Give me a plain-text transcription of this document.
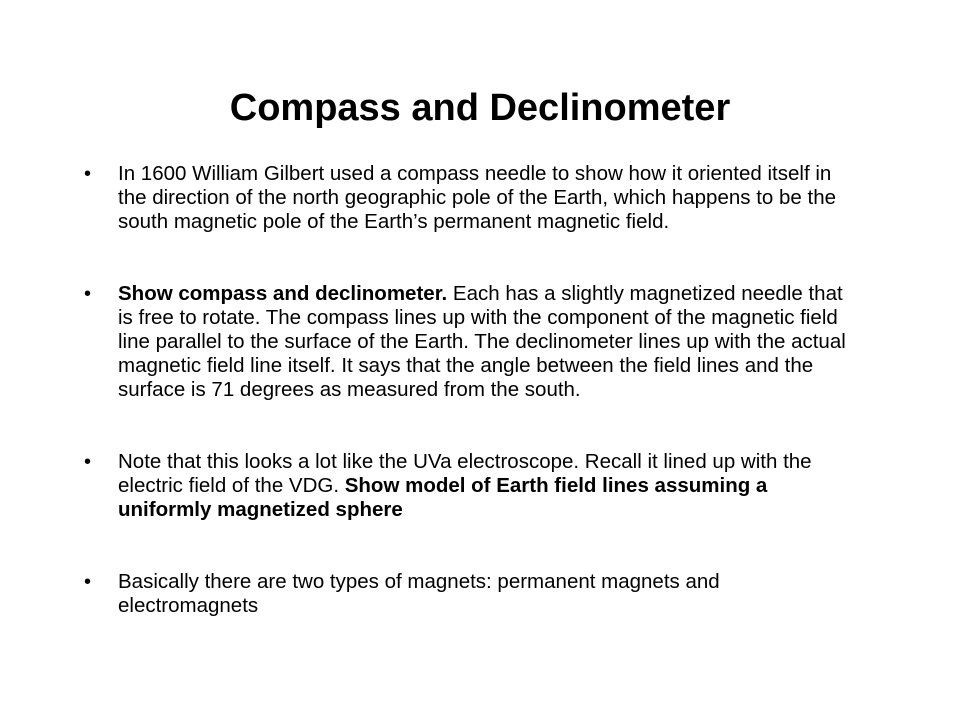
Compass and Declinometer
• In 1600 William Gilbert used a compass needle to show how it oriented itself in the direction of the north geographic pole of the Earth, which happens to be the south magnetic pole of the Earth’s permanent magnetic field.
• Show compass and declinometer. Each has a slightly magnetized needle that is free to rotate. The compass lines up with the component of the magnetic field line parallel to the surface of the Earth. The declinometer lines up with the actual magnetic field line itself. It says that the angle between the field lines and the surface is 71 degrees as measured from the south.
• Note that this looks a lot like the UVa electroscope. Recall it lined up with the electric field of the VDG. Show model of Earth field lines assuming a uniformly magnetized sphere
• Basically there are two types of magnets: permanent magnets and electromagnets
